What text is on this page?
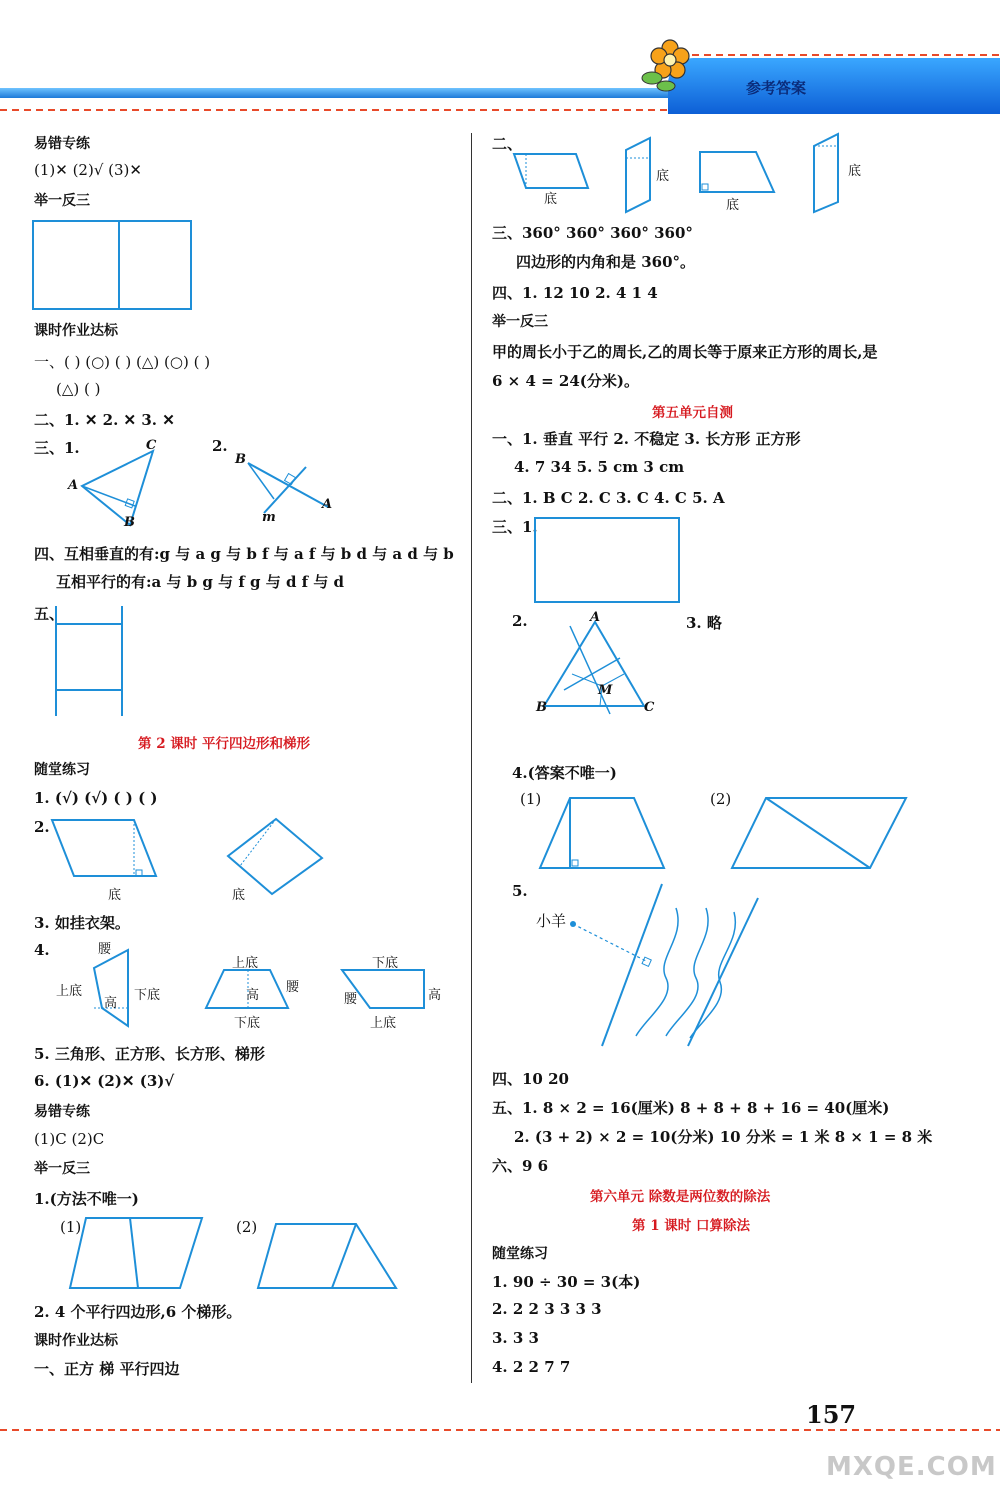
参考答案
易错专练
(1)✕ (2)√ (3)✕
举一反三
课时作业达标
一、( ) (○) ( ) (△) (○) ( )
(△) ( )
二、1. ✕ 2. ✕ 3. ✕
三、1.	2.
C
A
B
B
A
m
四、互相垂直的有:g 与 a g 与 b f 与 a f 与 b d 与 a d 与 b
互相平行的有:a 与 b g 与 f g 与 d f 与 d
五、
第 2 课时 平行四边形和梯形
随堂练习
1. (√) (√) ( ) ( )
2.
底	底
3. 如挂衣架。
4.	腰
上底
高
下底
上底
腰
高
下底
下底
腰	高
上底
5. 三角形、正方形、长方形、梯形
6. (1)✕ (2)✕ (3)√
易错专练
(1)C (2)C
举一反三
1.(方法不唯一)
(1)	(2)
2. 4 个平行四边形,6 个梯形。
课时作业达标
一、正方 梯 平行四边
二、
底
底
底
底
三、360° 360° 360° 360°
四边形的内角和是 360°。
四、1. 12 10 2. 4 1 4
举一反三
甲的周长小于乙的周长,乙的周长等于原来正方形的周长,是
6 × 4 = 24(分米)。
第五单元自测
一、1. 垂直 平行 2. 不稳定 3. 长方形 正方形
4. 7 34 5. 5 cm 3 cm
二、1. B C 2. C 3. C 4. C 5. A
三、1.
2.	3. 略
A
M
B	C
4.(答案不唯一)
(1)	(2)
5.
小羊
四、10 20
五、1. 8 × 2 = 16(厘米) 8 + 8 + 8 + 16 = 40(厘米)
2. (3 + 2) × 2 = 10(分米) 10 分米 = 1 米 8 × 1 = 8 米
六、9 6
第六单元 除数是两位数的除法
第 1 课时 口算除法
随堂练习
1. 90 ÷ 30 = 3(本)
2. 2 2 3 3 3 3
3. 3 3
4. 2 2 7 7
157
MXQE.COM
